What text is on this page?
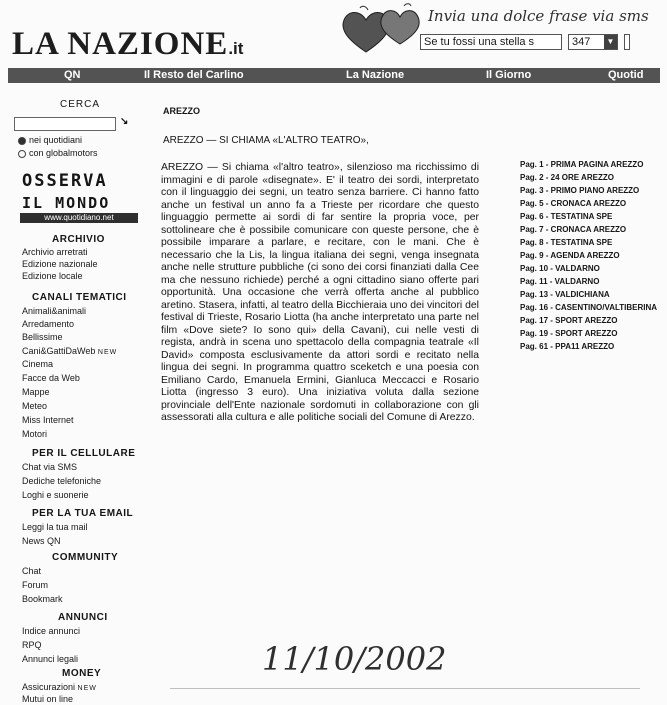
LA NAZIONE.it
Invia una dolce frase via sms
Se tu fossi una stella s	347	▼
QN	Il Resto del Carlino	La Nazione	Il Giorno	Quotid
CERCA
↘
nei quotidiani
con globalmotors
OSSERVA
IL MONDO
www.quotidiano.net
ARCHIVIO
Archivio arretrati
Edizione nazionale
Edizione locale
CANALI TEMATICI
Animali&animali
Arredamento
Bellissime
Cani&GattiDaWeb NEW
Cinema
Facce da Web
Mappe
Meteo
Miss Internet
Motori
PER IL CELLULARE
Chat via SMS
Dediche telefoniche
Loghi e suonerie
PER LA TUA EMAIL
Leggi la tua mail
News QN
COMMUNITY
Chat
Forum
Bookmark
ANNUNCI
Indice annunci
RPQ
Annunci legali
MONEY
Assicurazioni NEW
Mutui on line
AREZZO
AREZZO — SI CHIAMA «L'ALTRO TEATRO»,

AREZZO — Si chiama «l'altro teatro», silenzioso ma ricchissimo di immagini e di parole «disegnate». E' il teatro dei sordi, interpretato con il linguaggio dei segni, un teatro senza barriere. Ci hanno fatto anche un festival un anno fa a Trieste per ricordare che questo linguaggio permette ai sordi di far sentire la propria voce, per sottolineare che è possibile comunicare con queste persone, che è possibile imparare a parlare, e recitare, con le mani. Che è necessario che la Lis, la lingua italiana dei segni, venga insegnata anche nelle strutture pubbliche (ci sono dei corsi finanziati dalla Cee ma che nessuno richiede) perché a ogni cittadino siano offerte pari opportunità. Una occasione che verrà offerta anche al pubblico aretino. Stasera, infatti, al teatro della Bicchieraia uno dei vincitori del festival di Trieste, Rosario Liotta (ha anche interpretato una parte nel film «Dove siete? Io sono qui» della Cavani), cui nelle vesti di regista, andrà in scena uno spettacolo della compagnia teatrale «Il David» composta esclusivamente da attori sordi e recitato nella lingua dei segni. In programma quattro sceketch e una poesia con Emiliano Cardo, Emanuela Ermini, Gianluca Meccacci e Rosario Liotta (ingresso 3 euro). Una iniziativa voluta dalla sezione provinciale dell'Ente nazionale sordomuti in collaborazione con gli assessorati alla cultura e alle politiche sociali del Comune di Arezzo.

Pag. 1 - PRIMA PAGINA AREZZO
Pag. 2 - 24 ORE AREZZO
Pag. 3 - PRIMO PIANO AREZZO
Pag. 5 - CRONACA AREZZO
Pag. 6 - TESTATINA SPE
Pag. 7 - CRONACA AREZZO
Pag. 8 - TESTATINA SPE
Pag. 9 - AGENDA AREZZO
Pag. 10 - VALDARNO
Pag. 11 - VALDARNO
Pag. 13 - VALDICHIANA
Pag. 16 - CASENTINO/VALTIBERINA
Pag. 17 - SPORT AREZZO
Pag. 19 - SPORT AREZZO
Pag. 61 - PPA11 AREZZO
11/10/2002
